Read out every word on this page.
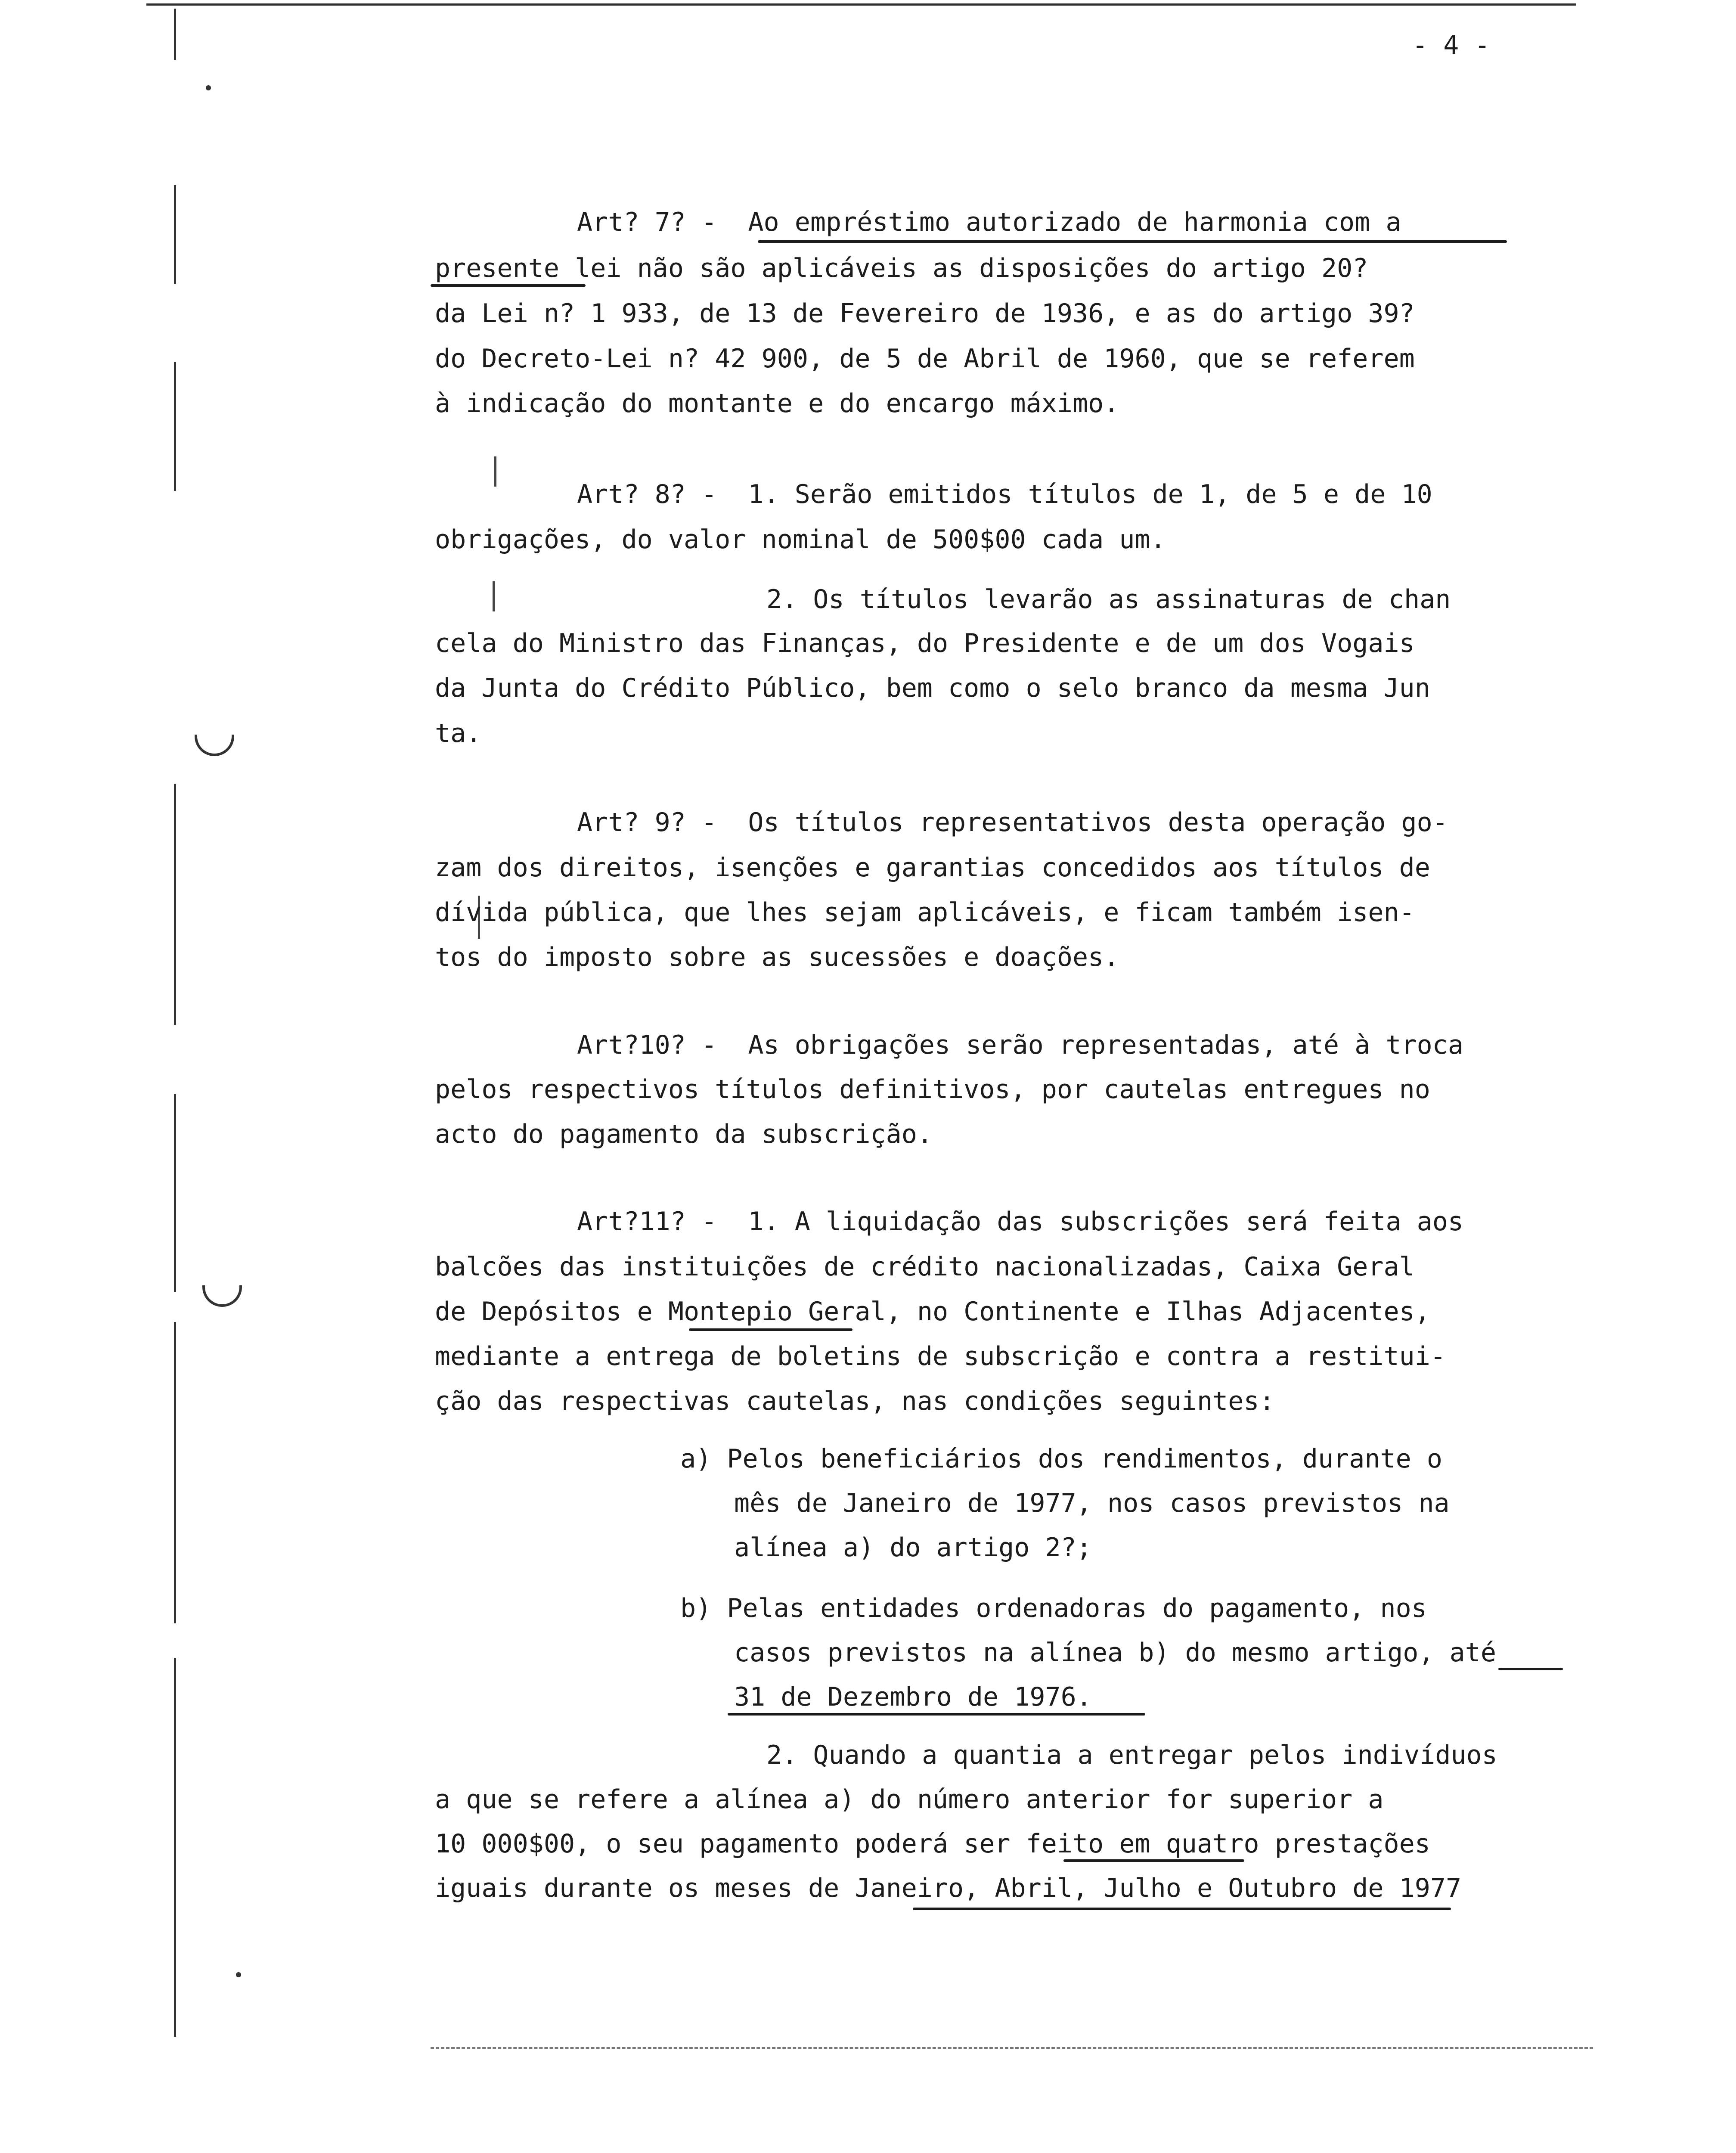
- 4 -
Art? 7? -  Ao empréstimo autorizado de harmonia com a
presente lei não são aplicáveis as disposições do artigo 20?
da Lei n? 1 933, de 13 de Fevereiro de 1936, e as do artigo 39?
do Decreto-Lei n? 42 900, de 5 de Abril de 1960, que se referem
à indicação do montante e do encargo máximo.
Art? 8? -  1. Serão emitidos títulos de 1, de 5 e de 10
obrigações, do valor nominal de 500$00 cada um.
2. Os títulos levarão as assinaturas de chan
cela do Ministro das Finanças, do Presidente e de um dos Vogais
da Junta do Crédito Público, bem como o selo branco da mesma Jun
ta.
Art? 9? -  Os títulos representativos desta operação go-
zam dos direitos, isenções e garantias concedidos aos títulos de
dívida pública, que lhes sejam aplicáveis, e ficam também isen-
tos do imposto sobre as sucessões e doações.
Art?10? -  As obrigações serão representadas, até à troca
pelos respectivos títulos definitivos, por cautelas entregues no
acto do pagamento da subscrição.
Art?11? -  1. A liquidação das subscrições será feita aos
balcões das instituições de crédito nacionalizadas, Caixa Geral
de Depósitos e Montepio Geral, no Continente e Ilhas Adjacentes,
mediante a entrega de boletins de subscrição e contra a restitui-
ção das respectivas cautelas, nas condições seguintes:
a) Pelos beneficiários dos rendimentos, durante o
mês de Janeiro de 1977, nos casos previstos na
alínea a) do artigo 2?;
b) Pelas entidades ordenadoras do pagamento, nos
casos previstos na alínea b) do mesmo artigo, até
31 de Dezembro de 1976.
2. Quando a quantia a entregar pelos indivíduos
a que se refere a alínea a) do número anterior for superior a
10 000$00, o seu pagamento poderá ser feito em quatro prestações
iguais durante os meses de Janeiro, Abril, Julho e Outubro de 1977
